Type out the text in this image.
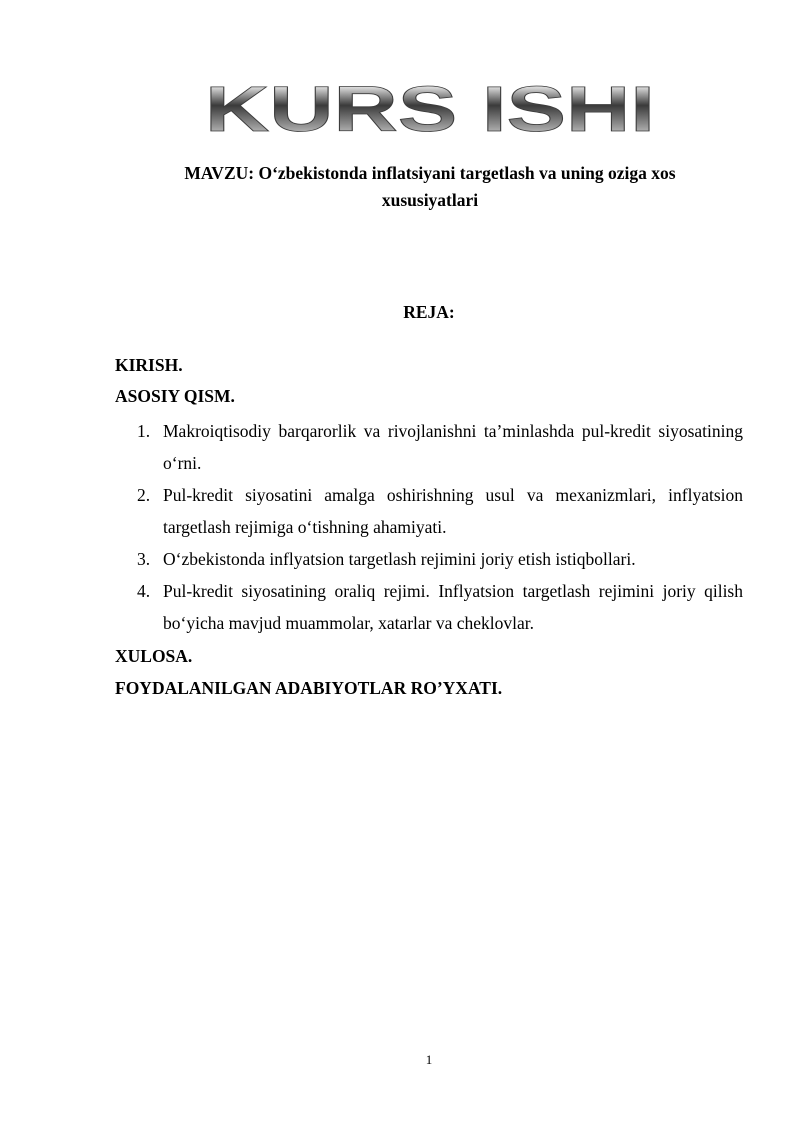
KURS ISHI
MAVZU: O‘zbekistonda inflatsiyani targetlash va uning oziga xos xususiyatlari
REJA:
KIRISH.
ASOSIY QISM.
1. Makroiqtisodiy barqarorlik va rivojlanishni ta’minlashda pul-kredit siyosatining o‘rni.
2. Pul-kredit siyosatini amalga oshirishning usul va mexanizmlari, inflyatsion targetlash rejimiga o‘tishning ahamiyati.
3. O‘zbekistonda inflyatsion targetlash rejimini joriy etish istiqbollari.
4. Pul-kredit siyosatining oraliq rejimi. Inflyatsion targetlash rejimini joriy qilish bo‘yicha mavjud muammolar, xatarlar va cheklovlar.
XULOSA.
FOYDALANILGAN ADABIYOTLAR RO’YXATI.
1
